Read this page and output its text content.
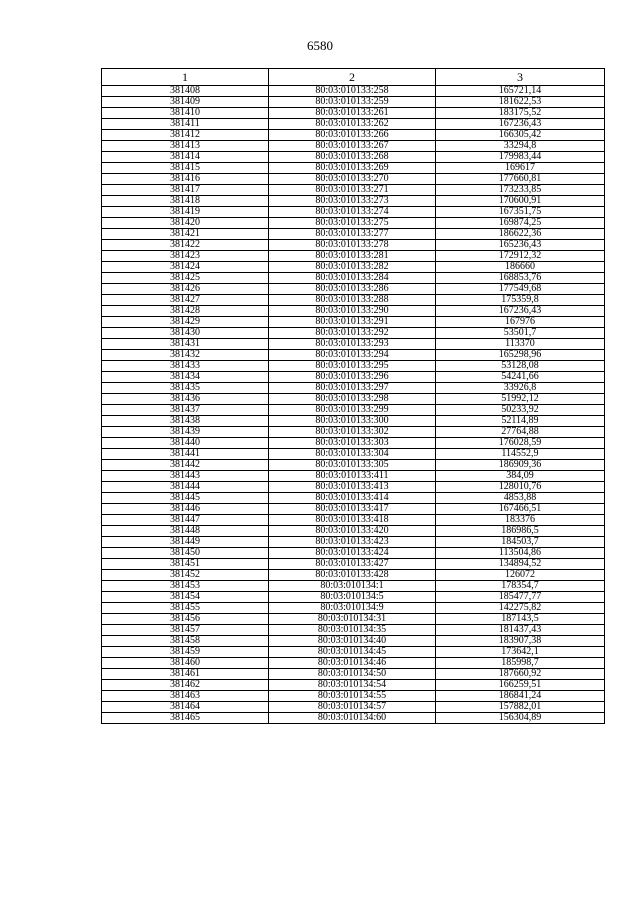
6580
1	2	3
381408	80:03:010133:258	165721,14
381409	80:03:010133:259	181622,53
381410	80:03:010133:261	183175,52
381411	80:03:010133:262	167236,43
381412	80:03:010133:266	166305,42
381413	80:03:010133:267	33294,8
381414	80:03:010133:268	179983,44
381415	80:03:010133:269	169617
381416	80:03:010133:270	177660,81
381417	80:03:010133:271	173233,85
381418	80:03:010133:273	170600,91
381419	80:03:010133:274	167351,75
381420	80:03:010133:275	169874,25
381421	80:03:010133:277	186622,36
381422	80:03:010133:278	165236,43
381423	80:03:010133:281	172912,32
381424	80:03:010133:282	186660
381425	80:03:010133:284	168853,76
381426	80:03:010133:286	177549,68
381427	80:03:010133:288	175359,8
381428	80:03:010133:290	167236,43
381429	80:03:010133:291	167976
381430	80:03:010133:292	53501,7
381431	80:03:010133:293	113370
381432	80:03:010133:294	165298,96
381433	80:03:010133:295	53128,08
381434	80:03:010133:296	54241,66
381435	80:03:010133:297	33926,8
381436	80:03:010133:298	51992,12
381437	80:03:010133:299	50233,92
381438	80:03:010133:300	52114,89
381439	80:03:010133:302	27764,88
381440	80:03:010133:303	176028,59
381441	80:03:010133:304	114552,9
381442	80:03:010133:305	186909,36
381443	80:03:010133:411	384,09
381444	80:03:010133:413	128010,76
381445	80:03:010133:414	4853,88
381446	80:03:010133:417	167466,51
381447	80:03:010133:418	183376
381448	80:03:010133:420	186986,5
381449	80:03:010133:423	184503,7
381450	80:03:010133:424	113504,86
381451	80:03:010133:427	134894,52
381452	80:03:010133:428	126072
381453	80:03:010134:1	178354,7
381454	80:03:010134:5	185477,77
381455	80:03:010134:9	142275,82
381456	80:03:010134:31	187143,5
381457	80:03:010134:35	181437,43
381458	80:03:010134:40	183907,38
381459	80:03:010134:45	173642,1
381460	80:03:010134:46	185998,7
381461	80:03:010134:50	187660,92
381462	80:03:010134:54	166259,51
381463	80:03:010134:55	186841,24
381464	80:03:010134:57	157882,01
381465	80:03:010134:60	156304,89
